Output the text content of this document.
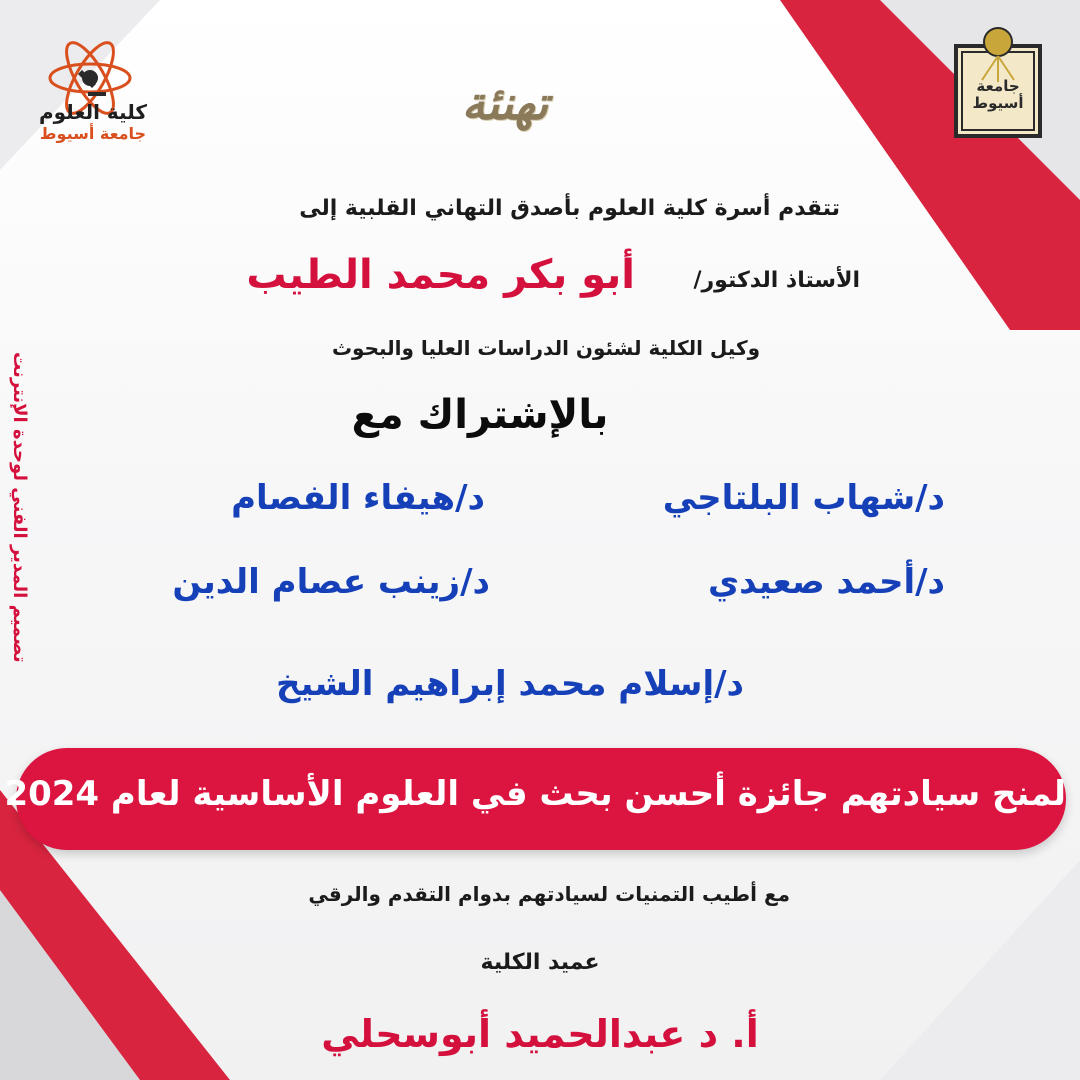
كلية العلوم
جامعة أسيوط
جامعة أسيوط
تهنئة
تتقدم أسرة كلية العلوم بأصدق التهاني القلبية إلى
الأستاذ الدكتور/
أبو بكر محمد الطيب
وكيل الكلية لشئون الدراسات العليا والبحوث
بالإشتراك مع
د/شهاب البلتاجي
د/هيفاء الفصام
د/أحمد صعيدي
د/زينب عصام الدين
د/إسلام محمد إبراهيم الشيخ
لمنح سيادتهم جائزة أحسن بحث في العلوم الأساسية لعام 2024
مع أطيب التمنيات لسيادتهم بدوام التقدم والرقي
عميد الكلية
أ. د عبدالحميد أبوسحلي
تصميم المدير الفني لوحدة الإنترنت
